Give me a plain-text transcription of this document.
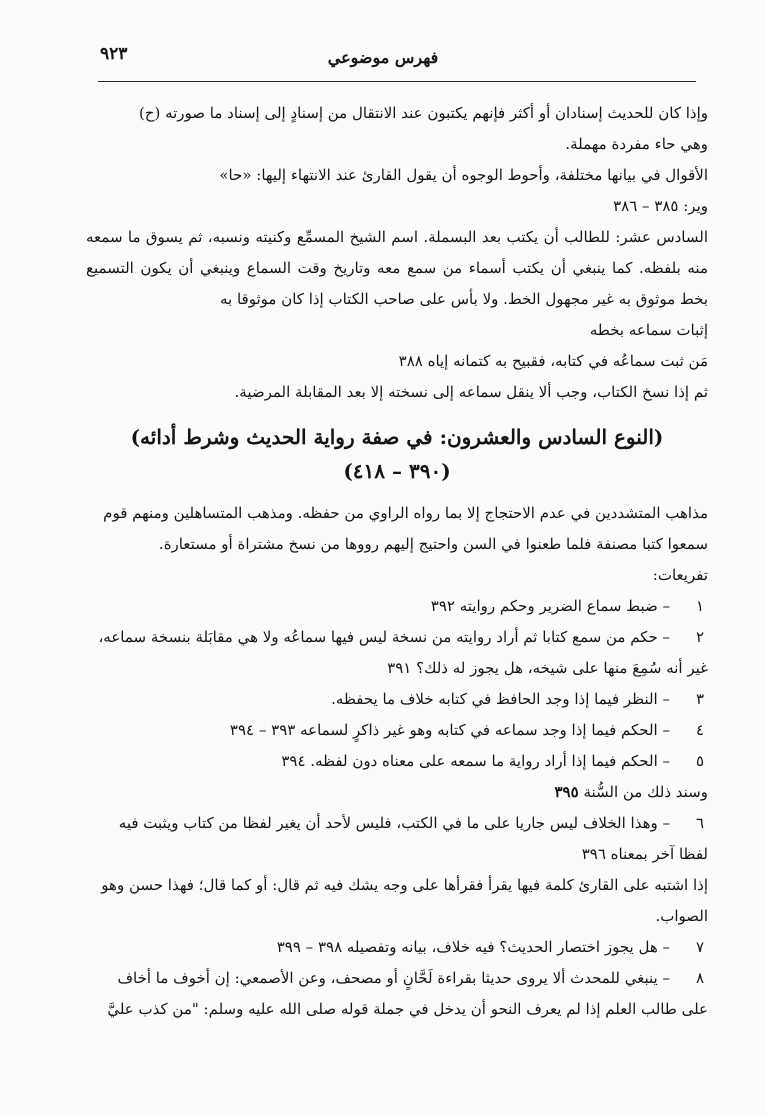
٩٢٣	فهرس موضوعي

وإذا كان للحديث إسنادان أو أكثر فإنهم يكتبون عند الانتقال من إسنادٍ إلى إسناد ما صورته (ح)

وهي حاء مفردة مهملة.

الأقوال في بيانها مختلفة، وأحوط الوجوه أن يقول القارئ عند الانتهاء إليها: «حا»

وير: ٣٨٥ – ٣٨٦

السادس عشر: للطالب أن يكتب بعد البسملة. اسم الشيخ المسمِّع وكنيته ونسبه، ثم يسوق ما سمعه منه بلفظه. كما ينبغي أن يكتب أسماء من سمع معه وتاريخ وقت السماع وينبغي أن يكون التسميع بخط موثوق به غير مجهول الخط. ولا بأس على صاحب الكتاب إذا كان موثوقا به

إثبات سماعه بخطه

مَن ثبت سماعُه في كتابه، فقبيح به كتمانه إياه ٣٨٨

ثم إذا نسخ الكتاب، وجب ألا ينقل سماعه إلى نسخته إلا بعد المقابلة المرضية.

(النوع السادس والعشرون: في صفة رواية الحديث وشرط أدائه)
(٣٩٠ – ٤١٨)

مذاهب المتشددين في عدم الاحتجاج إلا بما رواه الراوي من حفظه. ومذهب المتساهلين ومنهم قوم

سمعوا كتبا مصنفة فلما طعنوا في السن واحتيج إليهم رووها من نسخ مشتراة أو مستعارة.

تفريعات:

١
– ضبط سماع الضرير وحكم روايته ٣٩٢
٢
– حكم من سمع كتابا ثم أراد روايته من نسخة ليس فيها سماعُه ولا هي مقابَلة بنسخة سماعه،

غير أنه سُمِعَ منها على شيخه، هل يجوز له ذلك؟ ٣٩١

٣
– النظر فيما إذا وجد الحافظ في كتابه خلاف ما يحفظه.
٤
– الحكم فيما إذا وجد سماعه في كتابه وهو غير ذاكرٍ لسماعه ٣٩٣ – ٣٩٤
٥
– الحكم فيما إذا أراد رواية ما سمعه على معناه دون لفظه. ٣٩٤

وسند ذلك من السُّنة ٣٩٥

٦
– وهذا الخلاف ليس جاريا على ما في الكتب، فليس لأحد أن يغير لفظا من كتاب ويثبت فيه

لفظا آخر بمعناه ٣٩٦

إذا اشتبه على القارئ كلمة فيها يقرأ فقرأها على وجه يشك فيه ثم قال: أو كما قال؛ فهذا حسن وهو

الصواب.

٧
– هل يجوز اختصار الحديث؟ فيه خلاف، بيانه وتفصيله ٣٩٨ – ٣٩٩
٨
– ينبغي للمحدث ألا يروى حديثا بقراءة لَحَّانٍ أو مصحف، وعن الأصمعي: إن أخوف ما أخاف

على طالب العلم إذا لم يعرف النحو أن يدخل في جملة قوله صلى الله عليه وسلم: "من كذب عليَّ
